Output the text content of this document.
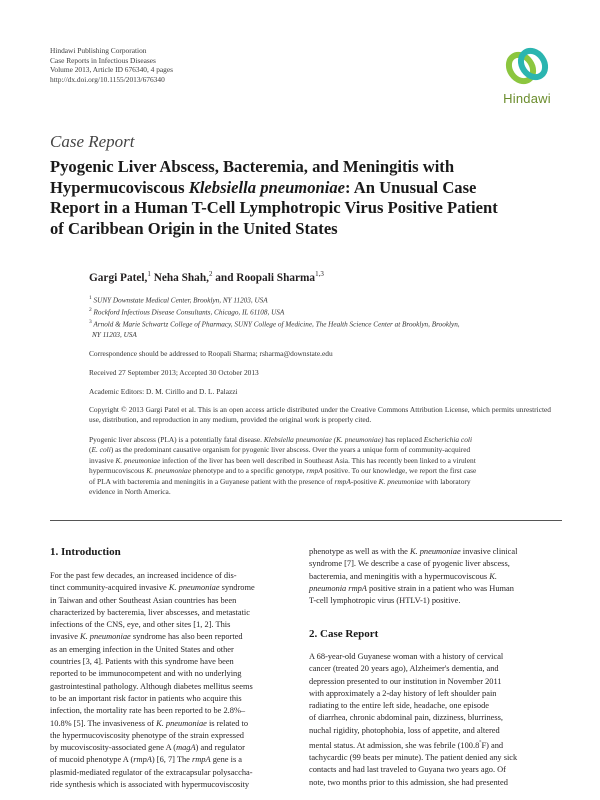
Hindawi Publishing Corporation
Case Reports in Infectious Diseases
Volume 2013, Article ID 676340, 4 pages
http://dx.doi.org/10.1155/2013/676340
Hindawi
Case Report
Pyogenic Liver Abscess, Bacteremia, and Meningitis with
Hypermucoviscous Klebsiella pneumoniae: An Unusual Case
Report in a Human T-Cell Lymphotropic Virus Positive Patient
of Caribbean Origin in the United States
Gargi Patel,$^1$ Neha Shah,$^2$ and Roopali Sharma$^{1,3}$
$^1$ SUNY Downstate Medical Center, Brooklyn, NY 11203, USA
$^2$ Rockford Infectious Disease Consultants, Chicago, IL 61108, USA
$^3$ Arnold & Marie Schwartz College of Pharmacy, SUNY College of Medicine, The Health Science Center at Brooklyn, Brooklyn,
NY 11203, USA
Correspondence should be addressed to Roopali Sharma; rsharma@downstate.edu
Received 27 September 2013; Accepted 30 October 2013
Academic Editors: D. M. Cirillo and D. L. Palazzi
Copyright © 2013 Gargi Patel et al. This is an open access article distributed under the Creative Commons Attribution License, which permits unrestricted use, distribution, and reproduction in any medium, provided the original work is properly cited.
Pyogenic liver abscess (PLA) is a potentially fatal disease. Klebsiella pneumoniae (K. pneumoniae) has replaced Escherichia coli
(E. coli) as the predominant causative organism for pyogenic liver abscess. Over the years a unique form of community-acquired
invasive K. pneumoniae infection of the liver has been well described in Southeast Asia. This has recently been linked to a virulent
hypermucoviscous K. pneumoniae phenotype and to a specific genotype, rmpA positive. To our knowledge, we report the first case
of PLA with bacteremia and meningitis in a Guyanese patient with the presence of rmpA-positive K. pneumoniae with laboratory
evidence in North America.
1. Introduction
For the past few decades, an increased incidence of dis-
tinct community-acquired invasive K. pneumoniae syndrome
in Taiwan and other Southeast Asian countries has been
characterized by bacteremia, liver abscesses, and metastatic
infections of the CNS, eye, and other sites [1, 2]. This
invasive K. pneumoniae syndrome has also been reported
as an emerging infection in the United States and other
countries [3, 4]. Patients with this syndrome have been
reported to be immunocompetent and with no underlying
gastrointestinal pathology. Although diabetes mellitus seems
to be an important risk factor in patients who acquire this
infection, the mortality rate has been reported to be 2.8%–
10.8% [5]. The invasiveness of K. pneumoniae is related to
the hypermucoviscosity phenotype of the strain expressed
by mucoviscosity-associated gene A (magA) and regulator
of mucoid phenotype A (rmpA) [6, 7] The rmpA gene is a
plasmid-mediated regulator of the extracapsular polysaccha-
ride synthesis which is associated with hypermucoviscosity
phenotype as well as with the K. pneumoniae invasive clinical
syndrome [7]. We describe a case of pyogenic liver abscess,
bacteremia, and meningitis with a hypermucoviscous K.
pneumonia rmpA positive strain in a patient who was Human
T-cell lymphotropic virus (HTLV-1) positive.
2. Case Report
A 68-year-old Guyanese woman with a history of cervical
cancer (treated 20 years ago), Alzheimer's dementia, and
depression presented to our institution in November 2011
with approximately a 2-day history of left shoulder pain
radiating to the entire left side, headache, one episode
of diarrhea, chronic abdominal pain, dizziness, blurriness,
nuchal rigidity, photophobia, loss of appetite, and altered
mental status. At admission, she was febrile (100.8°F) and
tachycardic (99 beats per minute). The patient denied any sick
contacts and had last traveled to Guyana two years ago. Of
note, two months prior to this admission, she had presented
